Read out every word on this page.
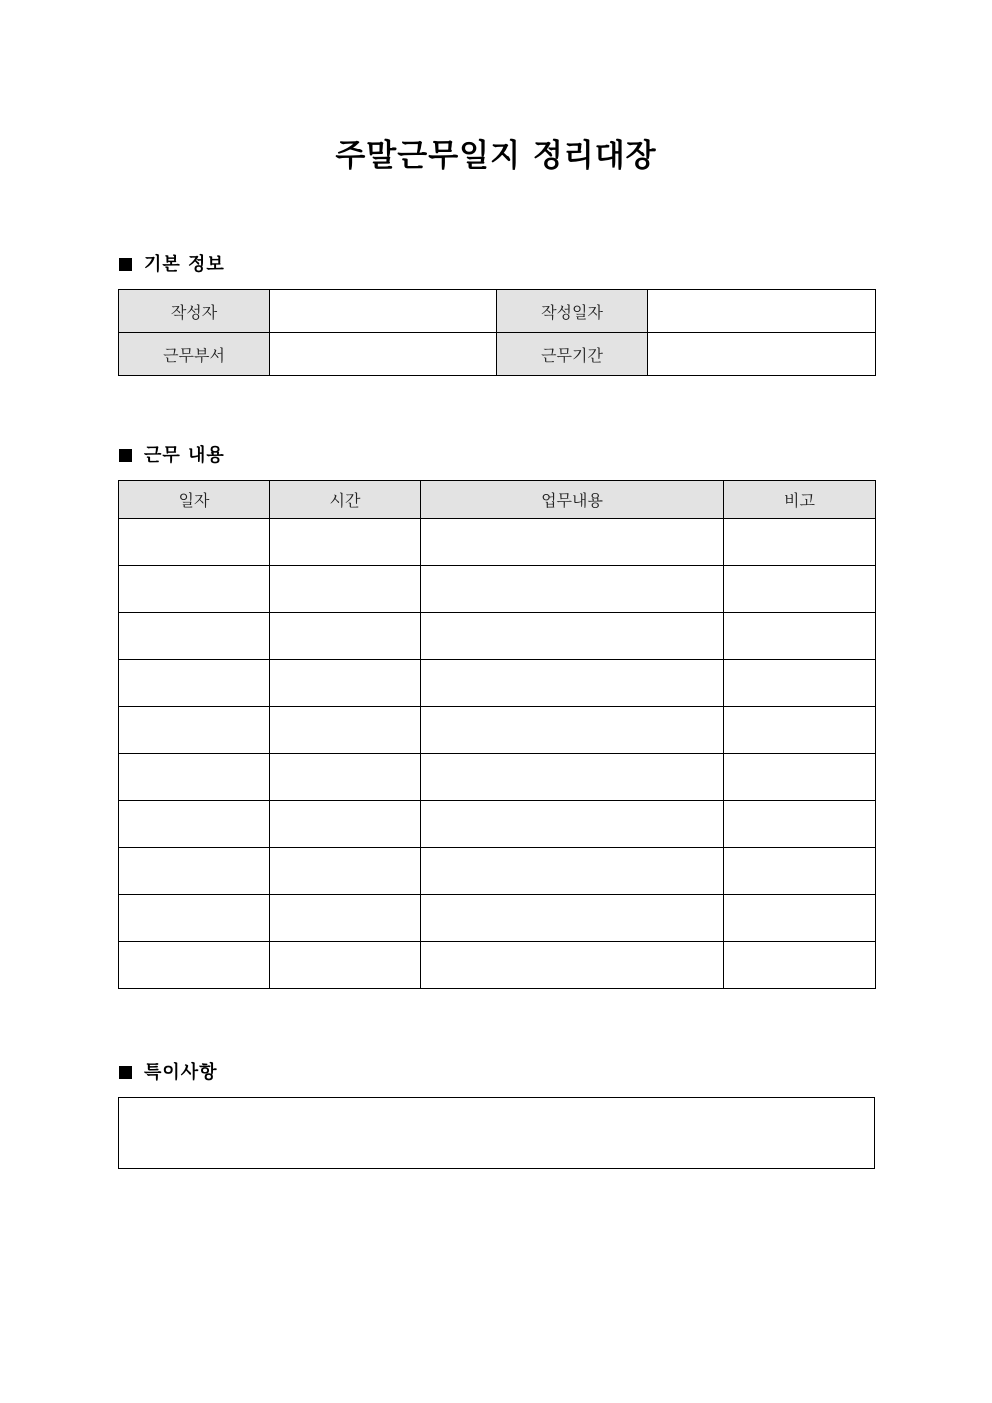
주말근무일지 정리대장
기본 정보
작성자		작성일자	
근무부서		근무기간	
근무 내용
일자	시간	업무내용	비고

특이사항
